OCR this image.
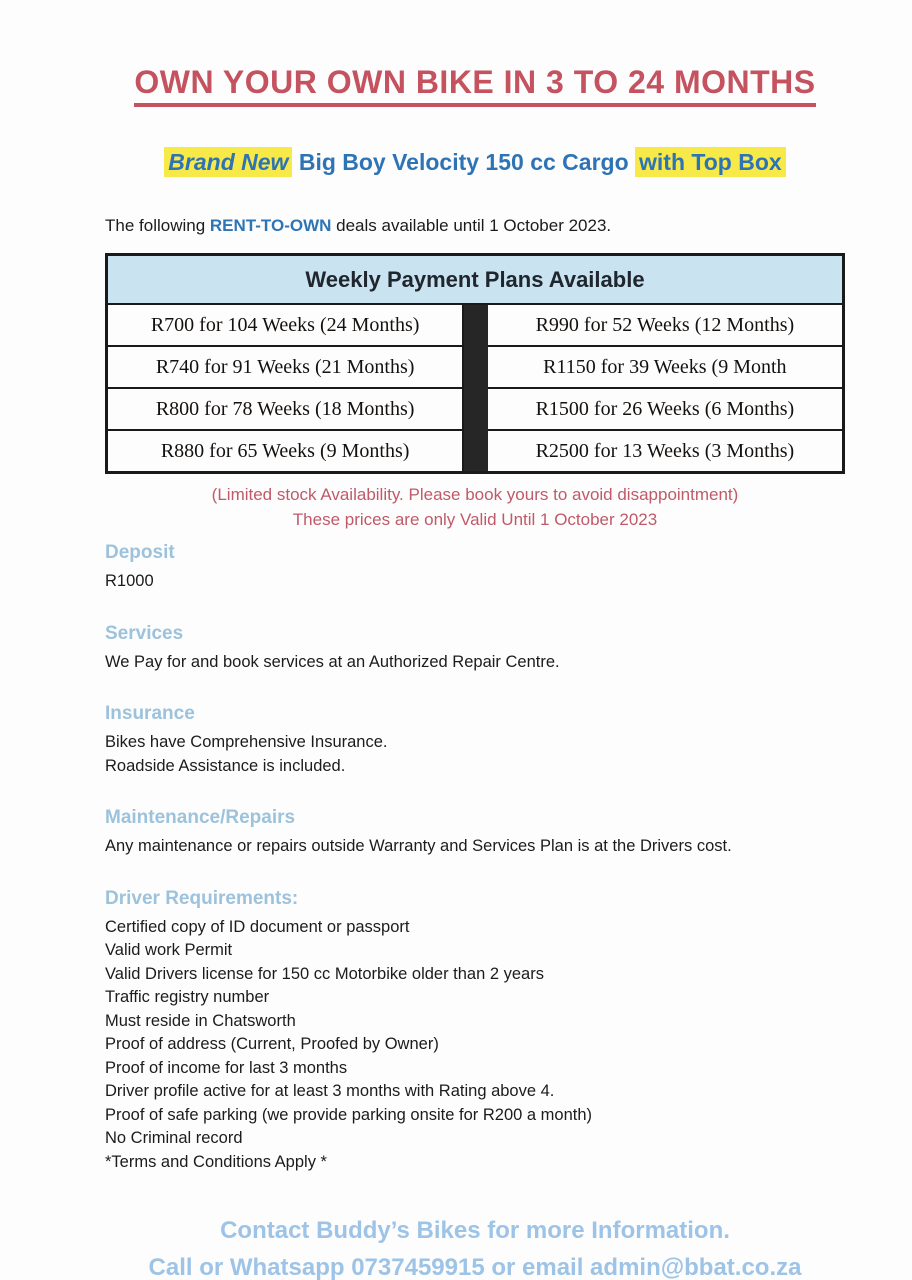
OWN YOUR OWN BIKE IN 3 TO 24 MONTHS
Brand New Big Boy Velocity 150 cc Cargo with Top Box

The following RENT-TO-OWN deals available until 1 October 2023.

Weekly Payment Plans Available		
R700 for 104 Weeks (24 Months)		R990 for 52 Weeks (12 Months)
R740 for 91 Weeks (21 Months)		R1150 for 39 Weeks (9 Month
R800 for 78 Weeks (18 Months)		R1500 for 26 Weeks (6 Months)
R880 for 65 Weeks (9 Months)		R2500 for 13 Weeks (3 Months)
(Limited stock Availability. Please book yours to avoid disappointment)
These prices are only Valid Until 1 October 2023
Deposit

R1000

Services

We Pay for and book services at an Authorized Repair Centre.

Insurance

Bikes have Comprehensive Insurance.

Roadside Assistance is included.

Maintenance/Repairs

Any maintenance or repairs outside Warranty and Services Plan is at the Drivers cost.

Driver Requirements:

Certified copy of ID document or passport

Valid work Permit

Valid Drivers license for 150 cc Motorbike older than 2 years

Traffic registry number

Must reside in Chatsworth

Proof of address (Current, Proofed by Owner)

Proof of income for last 3 months

Driver profile active for at least 3 months with Rating above 4.

Proof of safe parking (we provide parking onsite for R200 a month)

No Criminal record

*Terms and Conditions Apply *

Contact Buddy’s Bikes for more Information.
Call or Whatsapp 0737459915 or email admin@bbat.co.za
